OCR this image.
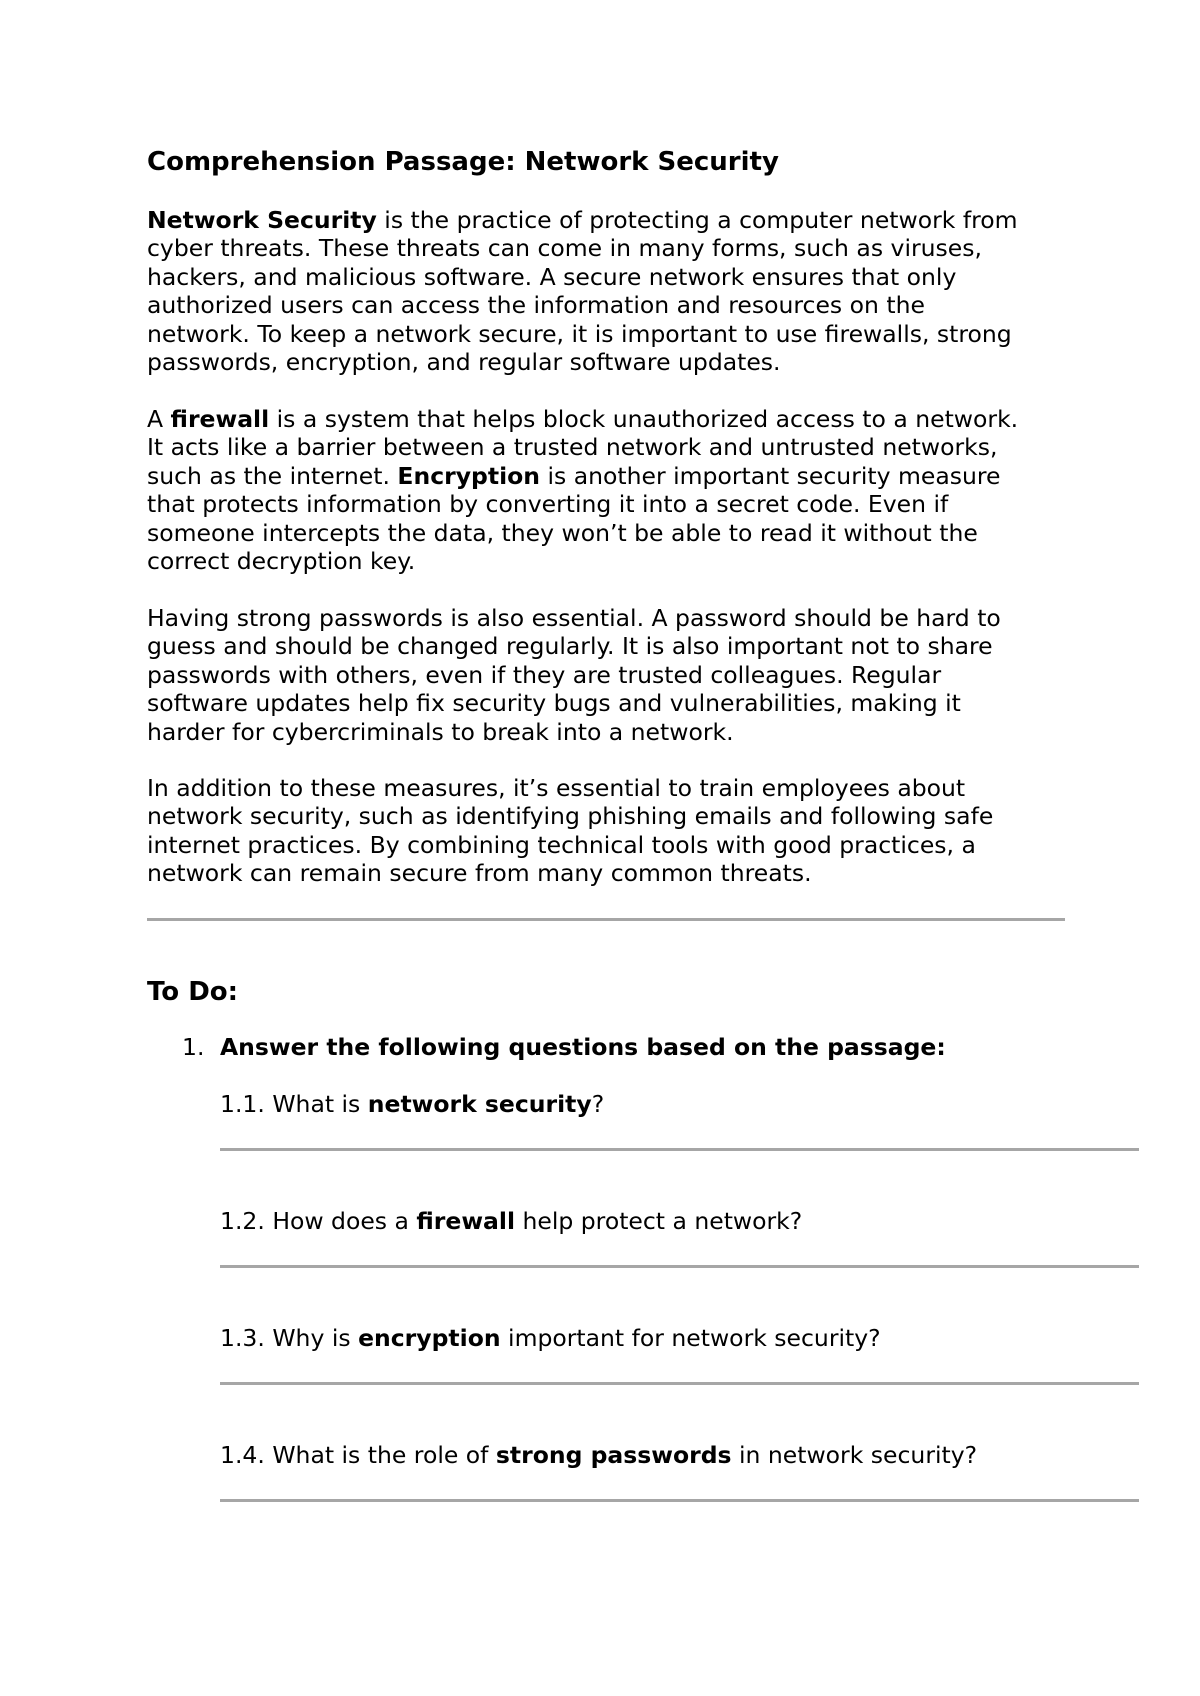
Comprehension Passage: Network Security

Network Security is the practice of protecting a computer network from
cyber threats. These threats can come in many forms, such as viruses,
hackers, and malicious software. A secure network ensures that only
authorized users can access the information and resources on the
network. To keep a network secure, it is important to use firewalls, strong
passwords, encryption, and regular software updates.

A firewall is a system that helps block unauthorized access to a network.
It acts like a barrier between a trusted network and untrusted networks,
such as the internet. Encryption is another important security measure
that protects information by converting it into a secret code. Even if
someone intercepts the data, they won’t be able to read it without the
correct decryption key.

Having strong passwords is also essential. A password should be hard to
guess and should be changed regularly. It is also important not to share
passwords with others, even if they are trusted colleagues. Regular
software updates help fix security bugs and vulnerabilities, making it
harder for cybercriminals to break into a network.

In addition to these measures, it’s essential to train employees about
network security, such as identifying phishing emails and following safe
internet practices. By combining technical tools with good practices, a
network can remain secure from many common threats.

To Do:
1. Answer the following questions based on the passage:
1.1. What is network security?
1.2. How does a firewall help protect a network?
1.3. Why is encryption important for network security?
1.4. What is the role of strong passwords in network security?
